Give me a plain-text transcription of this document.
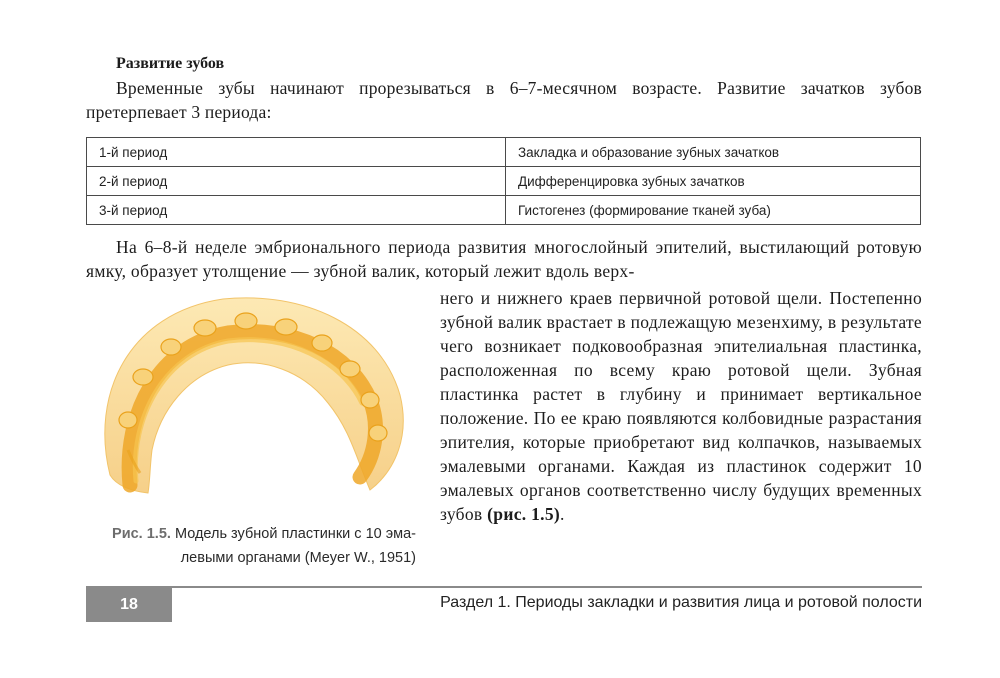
Развитие зубов

Временные зубы начинают прорезываться в 6–7-месячном возрасте. Развитие зачатков зубов претерпевает 3 периода:

1-й период	Закладка и образование зубных зачатков
2-й период	Дифференцировка зубных зачатков
3-й период	Гистогенез (формирование тканей зуба)

На 6–8-й неделе эмбрионального периода развития многослойный эпителий, выстилающий ротовую ямку, образует утолщение — зубной валик, который лежит вдоль верх-

него и нижнего краев первичной ротовой щели. Постепенно зубной валик врастает в подлежащую мезенхиму, в результате чего возникает подковообразная эпителиальная пластинка, расположенная по всему краю ротовой щели. Зубная пластинка растет в глубину и принимает вертикальное положение. По ее краю появляются колбовидные разрастания эпителия, которые приобретают вид колпачков, называемых эмалевыми органами. Каждая из пластинок содержит 10 эмалевых органов соответственно числу будущих временных зубов (рис. 1.5).

Рис. 1.5. Модель зубной пластинки с 10 эма-
левыми органами (Meyer W., 1951)

18	Раздел 1. Периоды закладки и развития лица и ротовой полости
